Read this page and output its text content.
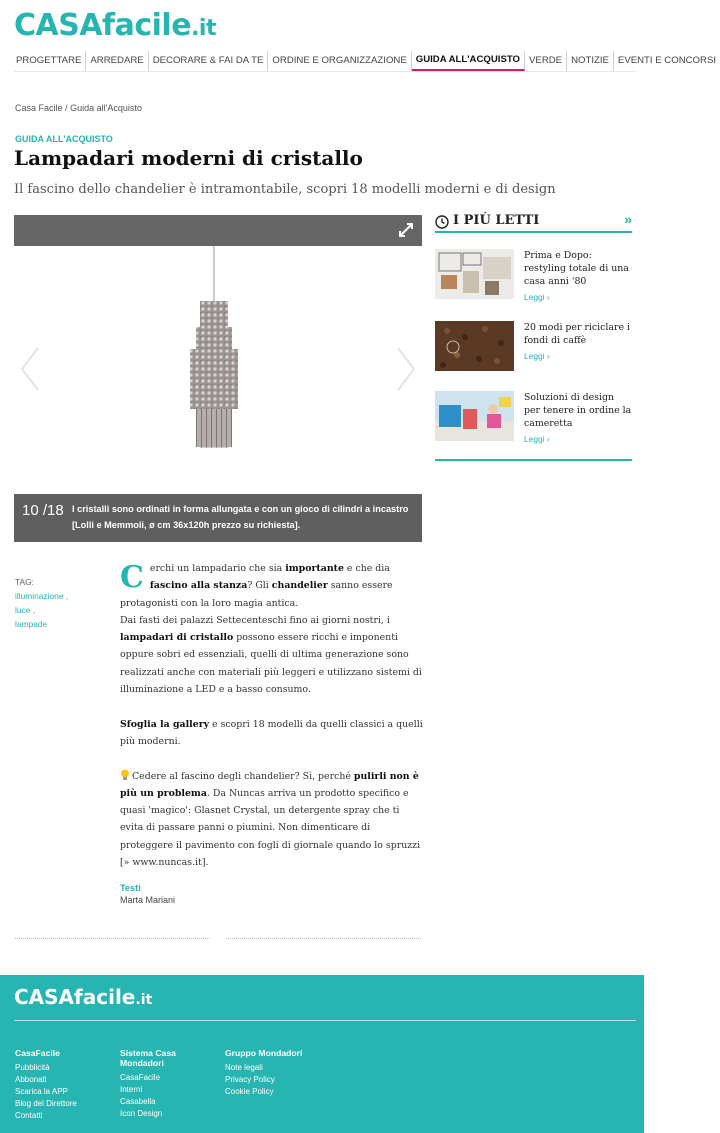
CASAfacile.it
PROGETTARE ARREDARE DECORARE & FAI DA TE ORDINE E ORGANIZZAZIONE GUIDA ALL'ACQUISTO VERDE NOTIZIE EVENTI E CONCORSI
Casa Facile / Guida all'Acquisto
GUIDA ALL'ACQUISTO
Lampadari moderni di cristallo
Il fascino dello chandelier è intramontabile, scopri 18 modelli moderni e di design
10 /18 I cristalli sono ordinati in forma allungata e con un gioco di cilindri a incastro [Lolli e Memmoli, ø cm 36x120h prezzo su richiesta].
I PIÙ LETTI	»
Prima e Dopo: restyling totale di una casa anni '80
Leggi ›
20 modi per riciclare i fondi di caffè
Leggi ›
Soluzioni di design per tenere in ordine la cameretta
Leggi ›
TAG:
illuminazione ,
luce ,
lampade

Cerchi un lampadario che sia importante e che dia fascino alla stanza? Gli chandelier sanno essere protagonisti con la loro magia antica.
Dai fasti dei palazzi Settecenteschi fino ai giorni nostri, i lampadari di cristallo possono essere ricchi e imponenti oppure sobri ed essenziali, quelli di ultima generazione sono realizzati anche con materiali più leggeri e utilizzano sistemi di illuminazione a LED e a basso consumo.

Sfoglia la gallery e scopri 18 modelli da quelli classici a quelli più moderni.

Cedere al fascino degli chandelier? Sì, perché pulirli non è più un problema. Da Nuncas arriva un prodotto specifico e quasi 'magico': Glasnet Crystal, un detergente spray che ti evita di passare panni o piumini. Non dimenticare di proteggere il pavimento con fogli di giornale quando lo spruzzi [» www.nuncas.it].

Testi
Marta Mariani
CASAfacile.it
CasaFacile
Pubblicità
Abbonati
Scarica la APP
Blog del Direttore
Contatti
Sistema Casa Mondadori
CasaFacile
Interni
Casabella
Icon Design
Gruppo Mondadori
Note legali
Privacy Policy
Cookie Policy
